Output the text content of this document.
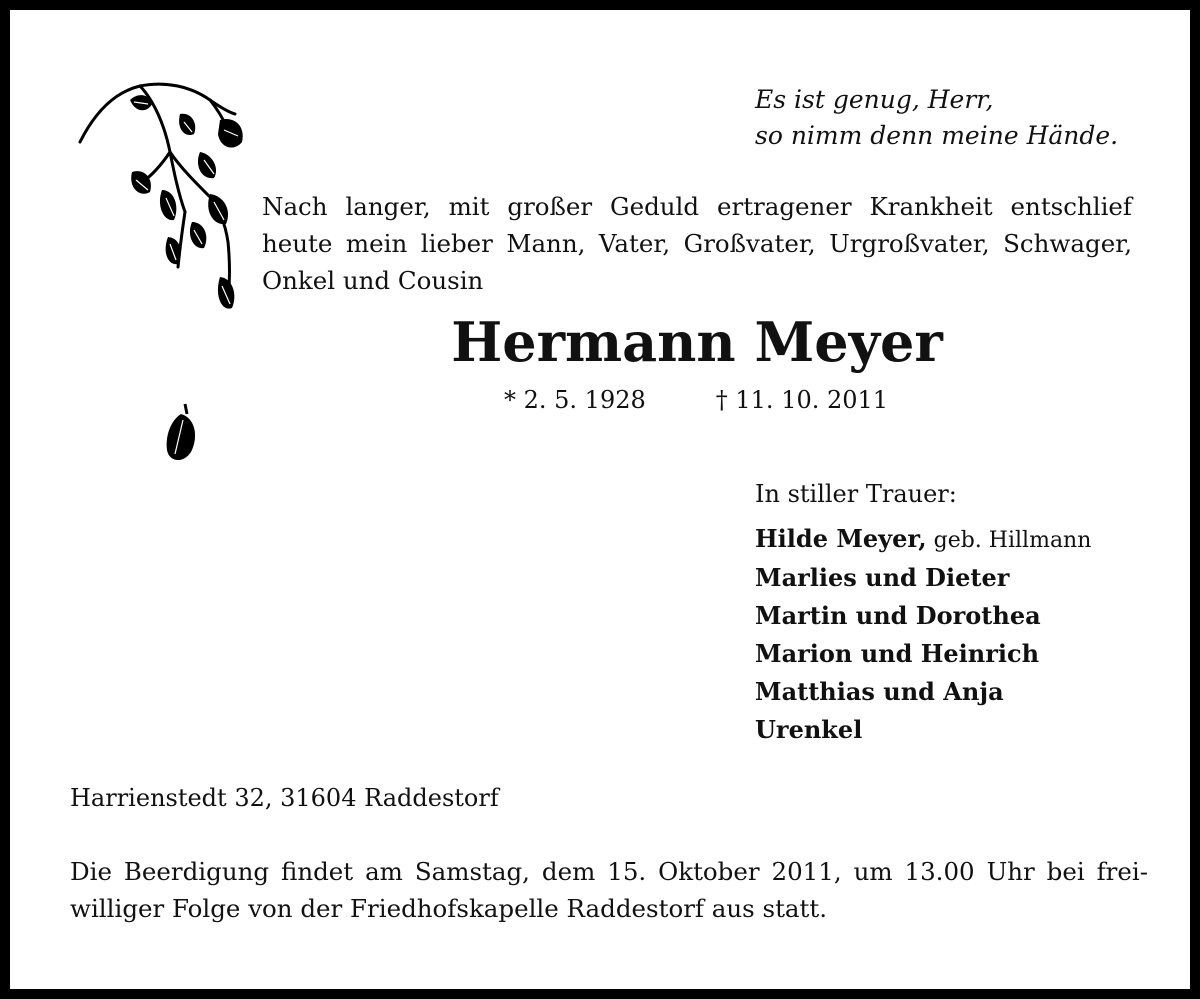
Es ist genug, Herr,
so nimm denn meine Hände.
Nach langer, mit großer Geduld ertragener Krankheit entschlief
heute mein lieber Mann, Vater, Großvater, Urgroßvater, Schwager,
Onkel und Cousin
Hermann Meyer
* 2. 5. 1928	† 11. 10. 2011
In stiller Trauer:
Hilde Meyer, geb. Hillmann
Marlies und Dieter
Martin und Dorothea
Marion und Heinrich
Matthias und Anja
Urenkel
Harrienstedt 32, 31604 Raddestorf
Die Beerdigung findet am Samstag, dem 15. Oktober 2011, um 13.00 Uhr bei frei-
williger Folge von der Friedhofskapelle Raddestorf aus statt.
